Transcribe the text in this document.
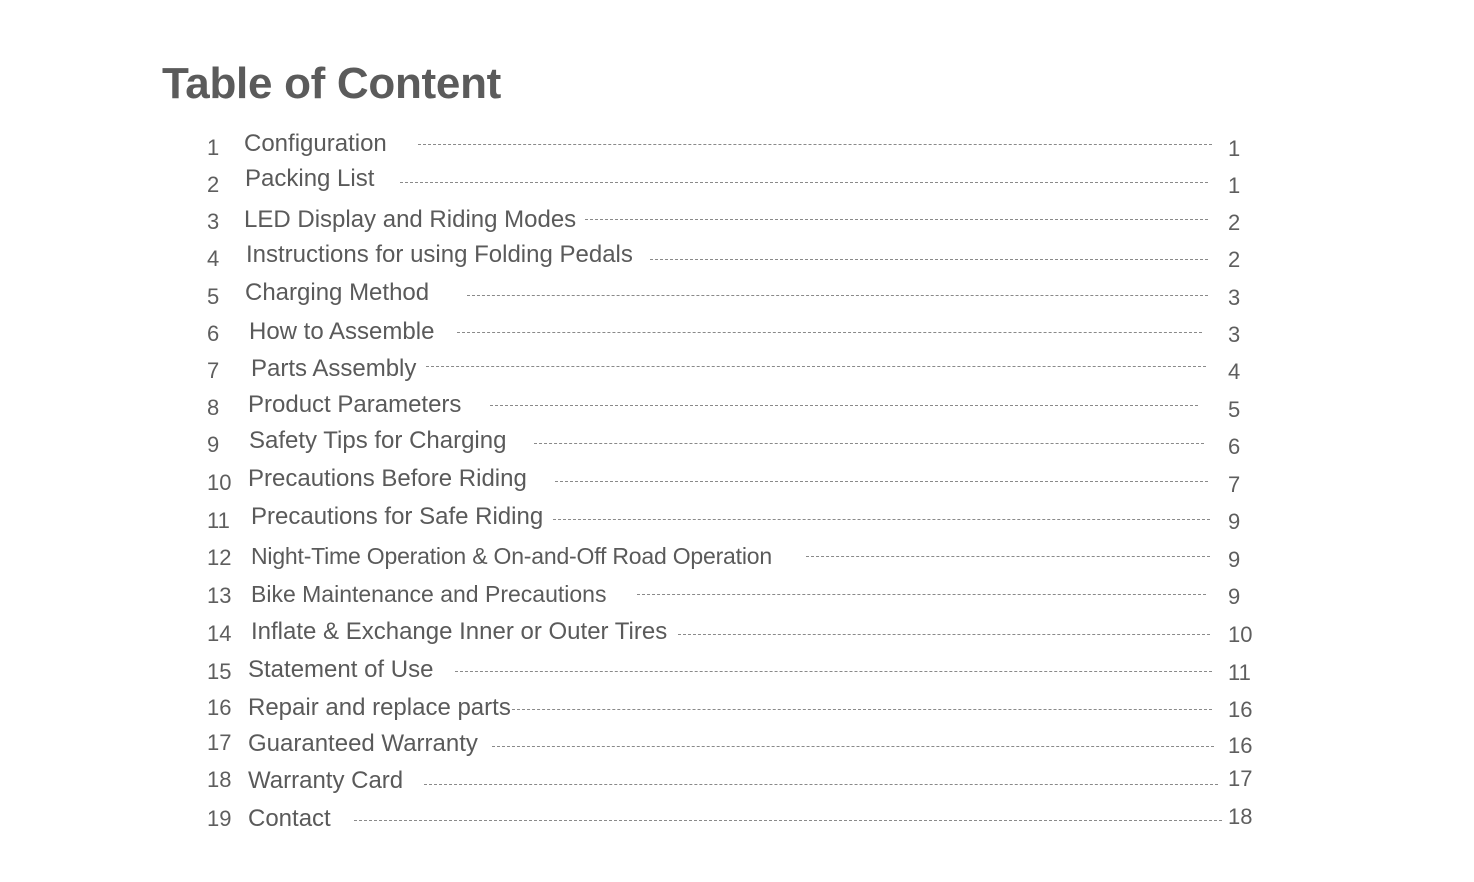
Table of Content
1 Configuration	1
2 Packing List	1
3 LED Display and Riding Modes	2
4 Instructions for using Folding Pedals	2
5 Charging Method	3
6 How to Assemble	3
7 Parts Assembly	4
8 Product Parameters	5
9 Safety Tips for Charging	6
10 Precautions Before Riding	7
11 Precautions for Safe Riding	9
12 Night-Time Operation & On-and-Off Road Operation	9
13 Bike Maintenance and Precautions	9
14 Inflate & Exchange Inner or Outer Tires	10
15 Statement of Use	11
16 Repair and replace parts	16
17 Guaranteed Warranty	16
18 Warranty Card	17
19 Contact	18
